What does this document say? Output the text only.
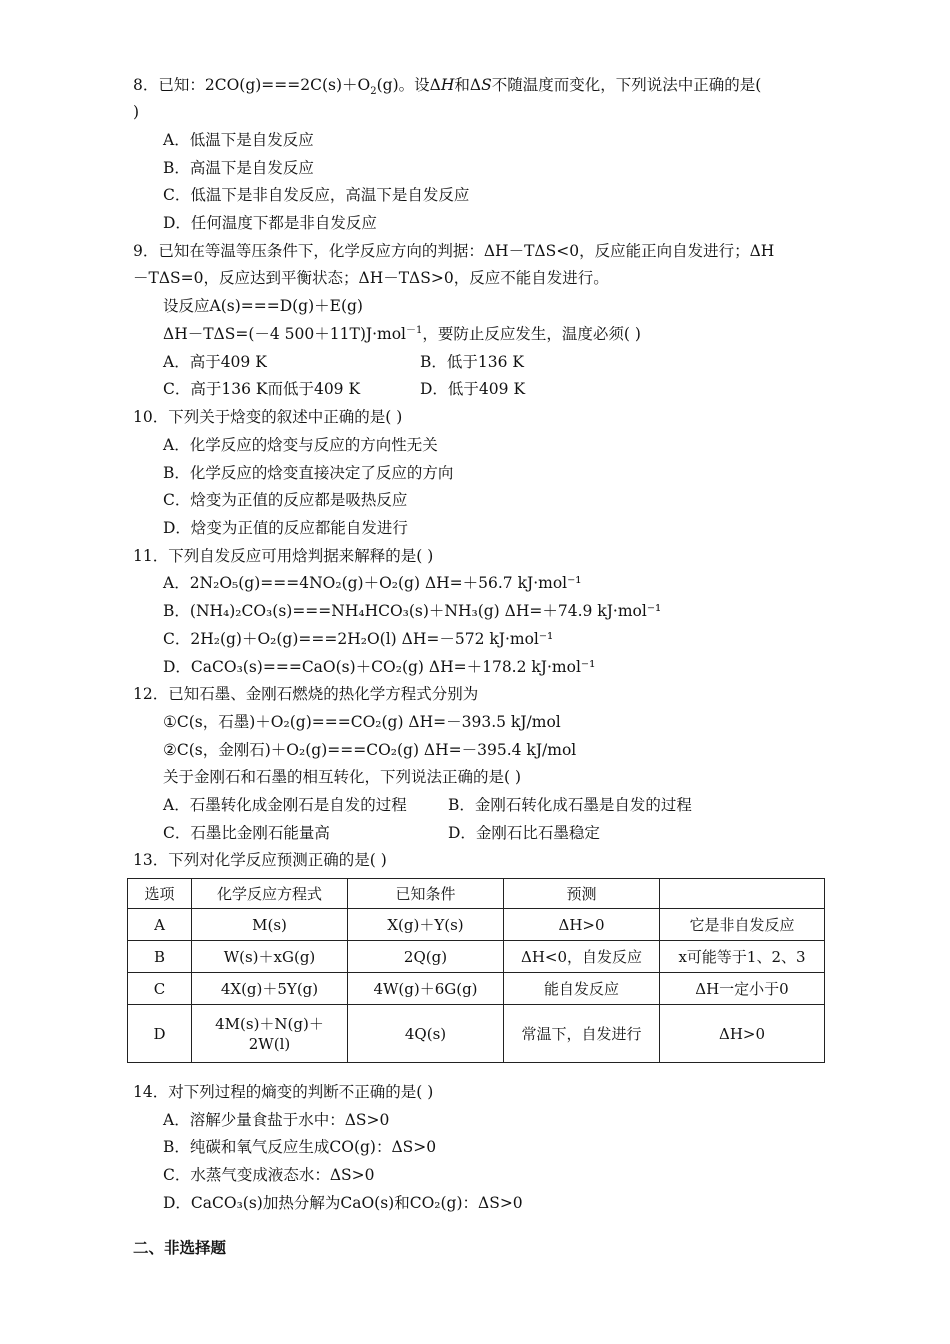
8．已知：$2CO(g)===2C(s)+O_2(g)$。设ΔH和ΔS不随温度而变化，下列说法中正确的是(
)
A．低温下是自发反应
B．高温下是自发反应
C．低温下是非自发反应，高温下是自发反应
D．任何温度下都是非自发反应
9．已知在等温等压条件下，化学反应方向的判据：ΔH－TΔS<0，反应能正向自发进行；ΔH
－TΔS=0，反应达到平衡状态；ΔH－TΔS>0，反应不能自发进行。
设反应A(s)===D(g)＋E(g)
ΔH－TΔS=(－4 500＋11T)J·mol$^{-1}$，要防止反应发生，温度必须( )
A．高于409 K	B．低于136 K
C．高于136 K而低于409 K	D．低于409 K
10．下列关于焓变的叙述中正确的是( )
A．化学反应的焓变与反应的方向性无关
B．化学反应的焓变直接决定了反应的方向
C．焓变为正值的反应都是吸热反应
D．焓变为正值的反应都能自发进行
11．下列自发反应可用焓判据来解释的是( )
A．2N₂O₅(g)===4NO₂(g)＋O₂(g) ΔH=＋56.7 kJ·mol⁻¹
B．(NH₄)₂CO₃(s)===NH₄HCO₃(s)＋NH₃(g) ΔH=＋74.9 kJ·mol⁻¹
C．2H₂(g)＋O₂(g)===2H₂O(l) ΔH=－572 kJ·mol⁻¹
D．CaCO₃(s)===CaO(s)＋CO₂(g) ΔH=＋178.2 kJ·mol⁻¹
12．已知石墨、金刚石燃烧的热化学方程式分别为
①C(s，石墨)＋O₂(g)===CO₂(g) ΔH=－393.5 kJ/mol
②C(s，金刚石)＋O₂(g)===CO₂(g) ΔH=－395.4 kJ/mol
关于金刚石和石墨的相互转化，下列说法正确的是( )
A．石墨转化成金刚石是自发的过程	B．金刚石转化成石墨是自发的过程
C．石墨比金刚石能量高	D．金刚石比石墨稳定
13．下列对化学反应预测正确的是( )
选项	化学反应方程式	已知条件	预测	
A	M(s)	X(g)＋Y(s)	ΔH>0	它是非自发反应
B	W(s)＋xG(g)	2Q(g)	ΔH<0，自发反应	x可能等于1、2、3
C	4X(g)＋5Y(g)	4W(g)＋6G(g)	能自发反应	ΔH一定小于0
D	4M(s)＋N(g)＋2W(l)	4Q(s)	常温下，自发进行	ΔH>0
14．对下列过程的熵变的判断不正确的是( )
A．溶解少量食盐于水中：ΔS>0
B．纯碳和氧气反应生成CO(g)：ΔS>0
C．水蒸气变成液态水：ΔS>0
D．CaCO₃(s)加热分解为CaO(s)和CO₂(g)：ΔS>0
二、非选择题
